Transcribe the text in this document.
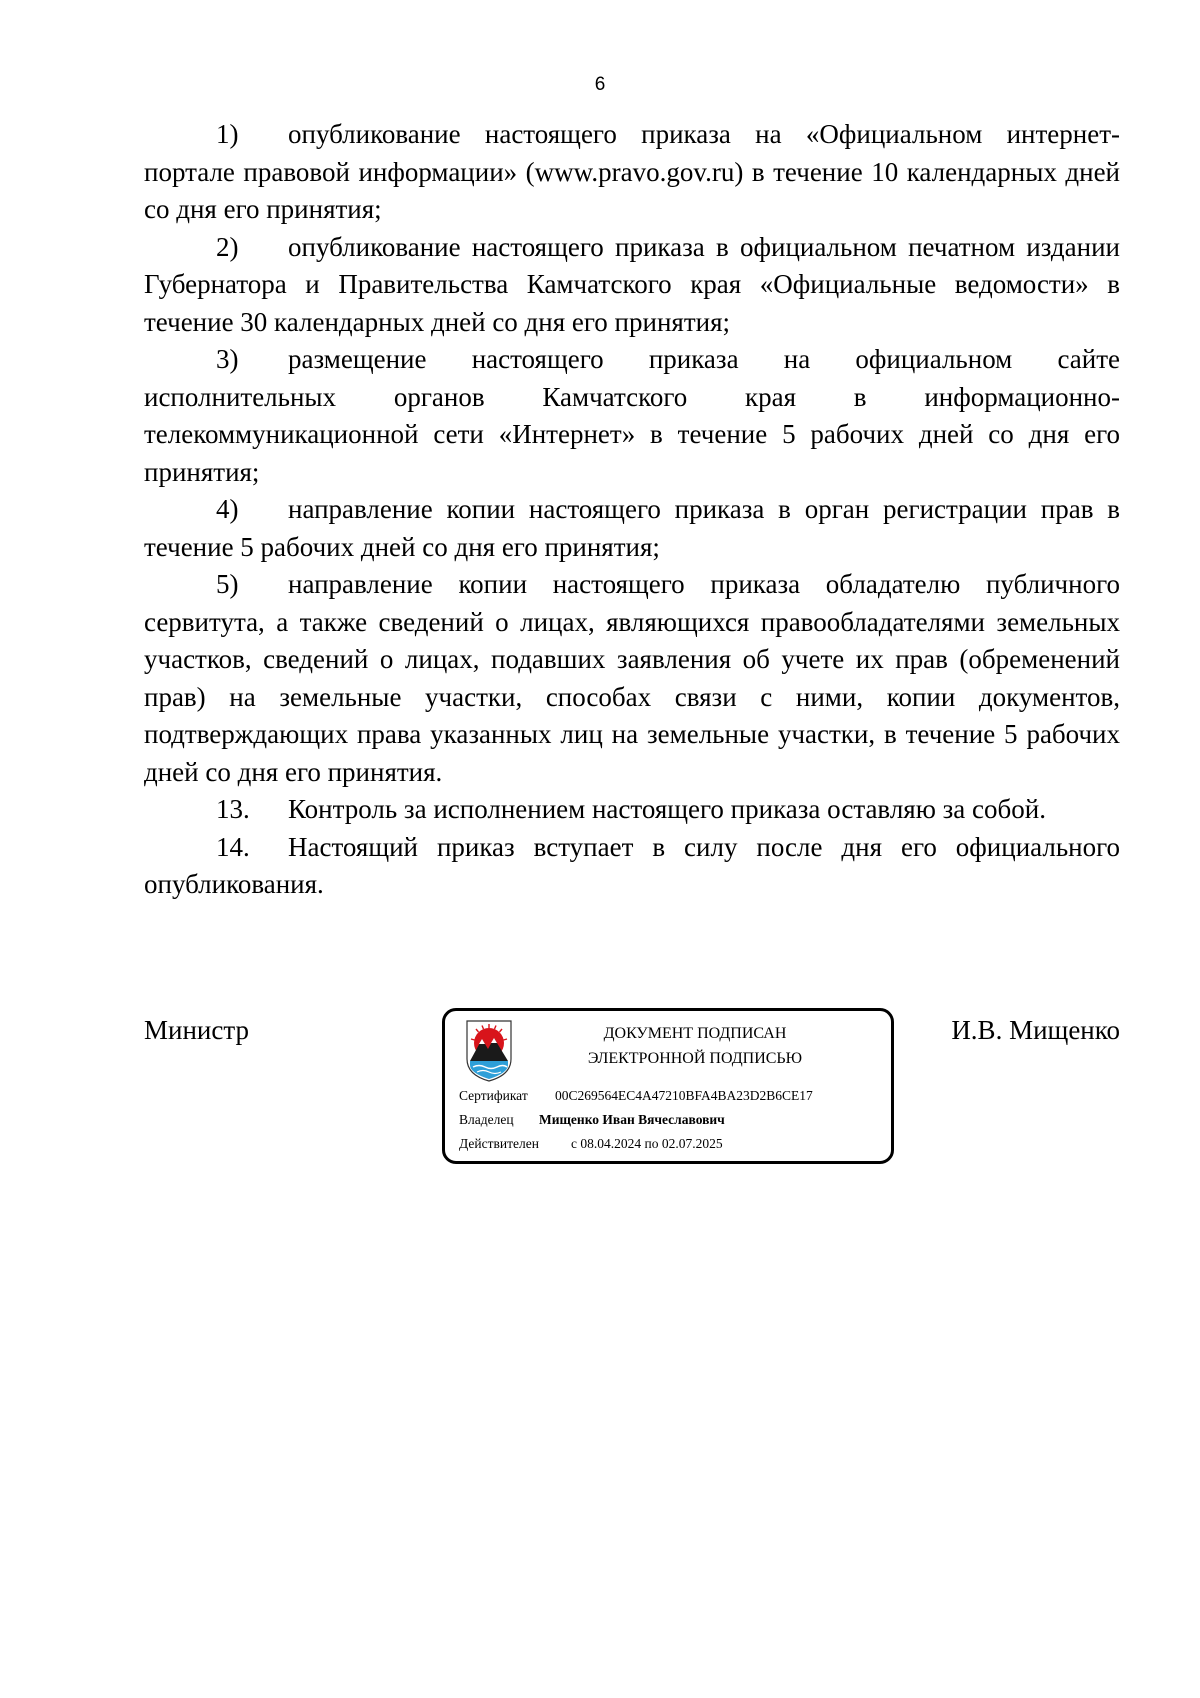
6

1) опубликование настоящего приказа на «Официальном интернет-портале правовой информации» (www.pravo.gov.ru) в течение 10 календарных дней со дня его принятия;

2) опубликование настоящего приказа в официальном печатном издании Губернатора и Правительства Камчатского края «Официальные ведомости» в течение 30 календарных дней со дня его принятия;

3) размещение настоящего приказа на официальном сайте исполнительных органов Камчатского края в информационно-телекоммуникационной сети «Интернет» в течение 5 рабочих дней со дня его принятия;

4) направление копии настоящего приказа в орган регистрации прав в течение 5 рабочих дней со дня его принятия;

5) направление копии настоящего приказа обладателю публичного сервитута, а также сведений о лицах, являющихся правообладателями земельных участков, сведений о лицах, подавших заявления об учете их прав (обременений прав) на земельные участки, способах связи с ними, копии документов, подтверждающих права указанных лиц на земельные участки, в течение 5 рабочих дней со дня его принятия.

13. Контроль за исполнением настоящего приказа оставляю за собой.

14. Настоящий приказ вступает в силу после дня его официального опубликования.

Министр	ДОКУМЕНТ ПОДПИСАН
ЭЛЕКТРОННОЙ ПОДПИСЬЮ
Сертификат 00C269564EC4A47210BFA4BA23D2B6CE17
Владелец Мищенко Иван Вячеславович
Действителен с 08.04.2024 по 02.07.2025
И.В. Мищенко
